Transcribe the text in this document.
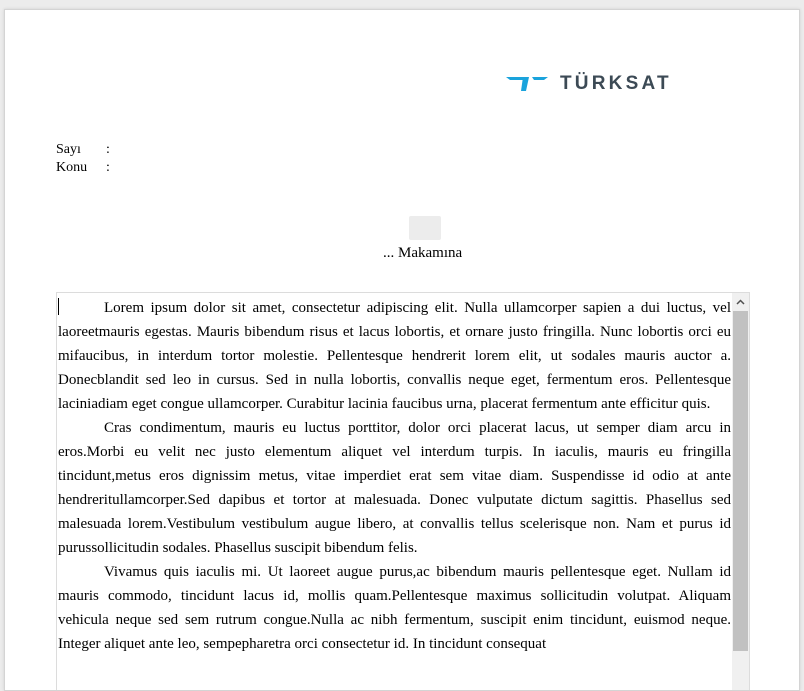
TÜRKSAT
Sayı	:
Konu	:
... Makamına

Lorem ipsum dolor sit amet, consectetur adipiscing elit. Nulla ullamcorper sapien a dui luctus, vel laoreetmauris egestas. Mauris bibendum risus et lacus lobortis, et ornare justo fringilla. Nunc lobortis orci eu mifaucibus, in interdum tortor molestie. Pellentesque hendrerit lorem elit, ut sodales mauris auctor a. Donecblandit sed leo in cursus. Sed in nulla lobortis, convallis neque eget, fermentum eros. Pellentesque laciniadiam eget congue ullamcorper. Curabitur lacinia faucibus urna, placerat fermentum ante efficitur quis.

Cras condimentum, mauris eu luctus porttitor, dolor orci placerat lacus, ut semper diam arcu in eros.Morbi eu velit nec justo elementum aliquet vel interdum turpis. In iaculis, mauris eu fringilla tincidunt,metus eros dignissim metus, vitae imperdiet erat sem vitae diam. Suspendisse id odio at ante hendreritullamcorper.Sed dapibus et tortor at malesuada. Donec vulputate dictum sagittis. Phasellus sed malesuada lorem.Vestibulum vestibulum augue libero, at convallis tellus scelerisque non. Nam et purus id purussollicitudin sodales. Phasellus suscipit bibendum felis.

Vivamus quis iaculis mi. Ut laoreet augue purus,ac bibendum mauris pellentesque eget. Nullam id mauris commodo, tincidunt lacus id, mollis quam.Pellentesque maximus sollicitudin volutpat. Aliquam vehicula neque sed sem rutrum congue.Nulla ac nibh fermentum, suscipit enim tincidunt, euismod neque. Integer aliquet ante leo, sempepharetra orci consectetur id. In tincidunt consequat
